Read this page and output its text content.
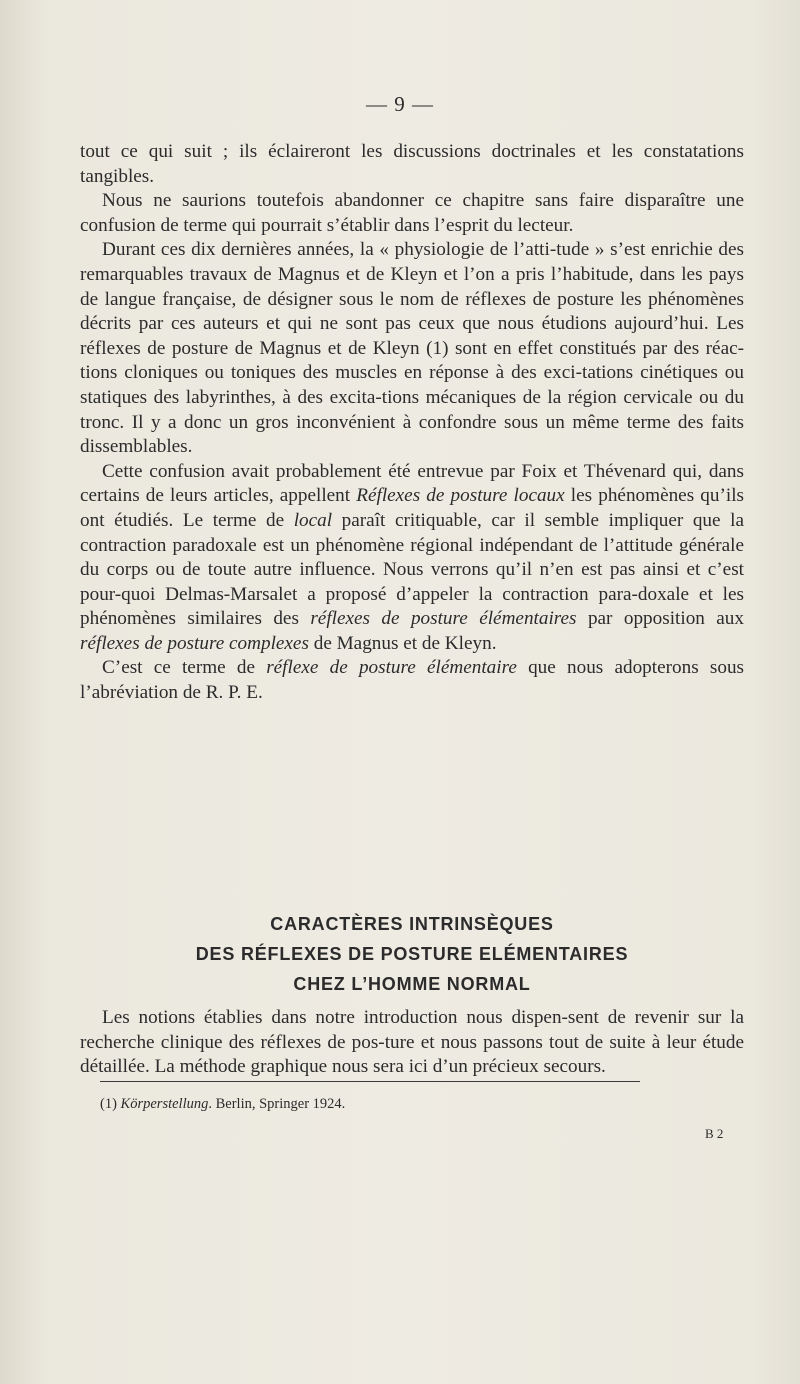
— 9 —

tout ce qui suit ; ils éclaireront les discussions doctrinales et les constatations tangibles.

Nous ne saurions toutefois abandonner ce chapitre sans faire disparaître une confusion de terme qui pourrait s’établir dans l’esprit du lecteur.

Durant ces dix dernières années, la « physiologie de l’atti-tude » s’est enrichie des remarquables travaux de Magnus et de Kleyn et l’on a pris l’habitude, dans les pays de langue française, de désigner sous le nom de réflexes de posture les phénomènes décrits par ces auteurs et qui ne sont pas ceux que nous étudions aujourd’hui. Les réflexes de posture de Magnus et de Kleyn (1) sont en effet constitués par des réac-tions cloniques ou toniques des muscles en réponse à des exci-tations cinétiques ou statiques des labyrinthes, à des excita-tions mécaniques de la région cervicale ou du tronc. Il y a donc un gros inconvénient à confondre sous un même terme des faits dissemblables.

Cette confusion avait probablement été entrevue par Foix et Thévenard qui, dans certains de leurs articles, appellent Réflexes de posture locaux les phénomènes qu’ils ont étudiés. Le terme de local paraît critiquable, car il semble impliquer que la contraction paradoxale est un phénomène régional indépendant de l’attitude générale du corps ou de toute autre influence. Nous verrons qu’il n’en est pas ainsi et c’est pour-quoi Delmas-Marsalet a proposé d’appeler la contraction para-doxale et les phénomènes similaires des réflexes de posture élémentaires par opposition aux réflexes de posture complexes de Magnus et de Kleyn.

C’est ce terme de réflexe de posture élémentaire que nous adopterons sous l’abréviation de R. P. E.

CARACTÈRES INTRINSÈQUES
DES RÉFLEXES DE POSTURE ELÉMENTAIRES
CHEZ L’HOMME NORMAL

Les notions établies dans notre introduction nous dispen-sent de revenir sur la recherche clinique des réflexes de pos-ture et nous passons tout de suite à leur étude détaillée. La méthode graphique nous sera ici d’un précieux secours.

(1) Körperstellung. Berlin, Springer 1924.
B 2
